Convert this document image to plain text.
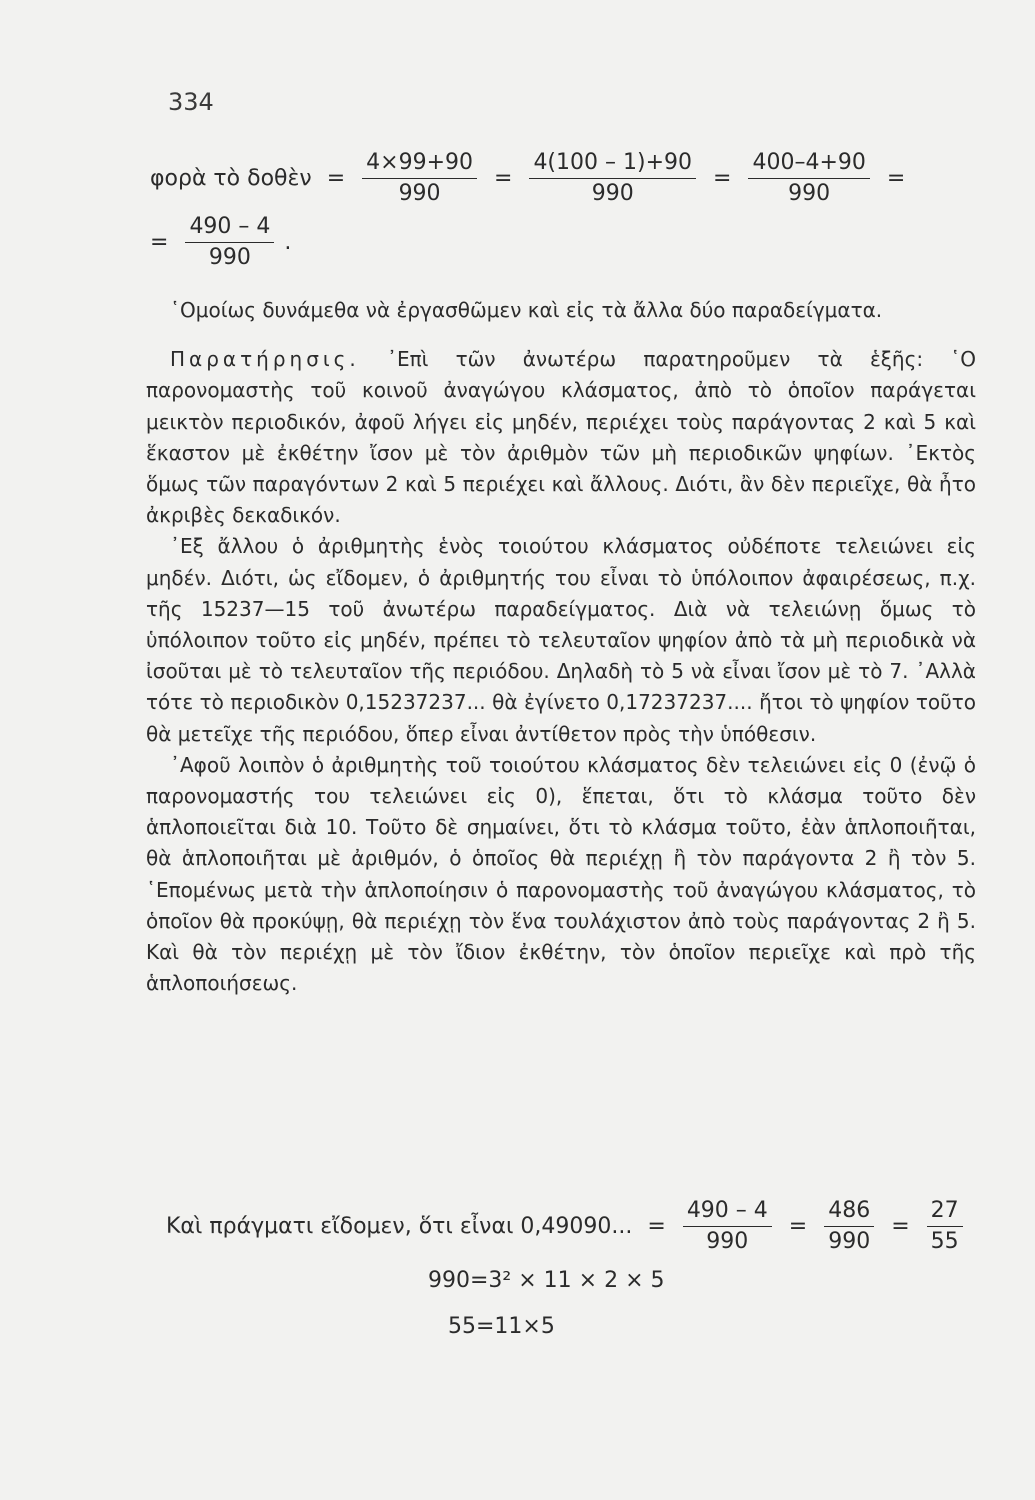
334
φορὰ τὸ δοθὲν = $\frac{4\times 99+90}{990} = \frac{4(100 - 1)+90}{990} = \frac{400-4+90}{990}$ =
= $\frac{490 - 4}{990}$ .

῾Ομοίως δυνάμεθα νὰ ἐργασθῶμεν καὶ εἰς τὰ ἄλλα δύο παραδείγματα.

Παρατήρησις. ᾿Επὶ τῶν ἀνωτέρω παρατηροῦμεν τὰ ἑξῆς: ῾Ο παρονομαστὴς τοῦ κοινοῦ ἀναγώγου κλάσματος, ἀπὸ τὸ ὁποῖον παράγεται μεικτὸν περιοδικόν, ἀφοῦ λήγει εἰς μηδέν, περιέχει τοὺς παράγοντας 2 καὶ 5 καὶ ἕκαστον μὲ ἐκθέτην ἴσον μὲ τὸν ἀριθμὸν τῶν μὴ περιοδικῶν ψηφίων. ᾿Εκτὸς ὅμως τῶν παραγόντων 2 καὶ 5 περιέχει καὶ ἄλλους. Διότι, ἂν δὲν περιεῖχε, θὰ ἦτο ἀκριβὲς δεκαδικόν.

᾿Εξ ἄλλου ὁ ἀριθμητὴς ἑνὸς τοιούτου κλάσματος οὐδέποτε τελειώνει εἰς μηδέν. Διότι, ὡς εἴδομεν, ὁ ἀριθμητής του εἶναι τὸ ὑπόλοιπον ἀφαιρέσεως, π.χ. τῆς 15237—15 τοῦ ἀνωτέρω παραδείγματος. Διὰ νὰ τελειώνῃ ὅμως τὸ ὑπόλοιπον τοῦτο εἰς μηδέν, πρέπει τὸ τελευταῖον ψηφίον ἀπὸ τὰ μὴ περιοδικὰ νὰ ἰσοῦται μὲ τὸ τελευταῖον τῆς περιόδου. Δηλαδὴ τὸ 5 νὰ εἶναι ἴσον μὲ τὸ 7. ᾿Αλλὰ τότε τὸ περιοδικὸν 0,15237237... θὰ ἐγίνετο 0,17237237.... ἤτοι τὸ ψηφίον τοῦτο θὰ μετεῖχε τῆς περιόδου, ὅπερ εἶναι ἀντίθετον πρὸς τὴν ὑπόθεσιν.

᾿Αφοῦ λοιπὸν ὁ ἀριθμητὴς τοῦ τοιούτου κλάσματος δὲν τελειώνει εἰς 0 (ἐνῷ ὁ παρονομαστής του τελειώνει εἰς 0), ἕπεται, ὅτι τὸ κλάσμα τοῦτο δὲν ἁπλοποιεῖται διὰ 10. Τοῦτο δὲ σημαίνει, ὅτι τὸ κλάσμα τοῦτο, ἐὰν ἁπλοποιῆται, θὰ ἁπλοποιῆται μὲ ἀριθμόν, ὁ ὁποῖος θὰ περιέχῃ ἢ τὸν παράγοντα 2 ἢ τὸν 5. ῾Επομένως μετὰ τὴν ἁπλοποίησιν ὁ παρονομαστὴς τοῦ ἀναγώγου κλάσματος, τὸ ὁποῖον θὰ προκύψῃ, θὰ περιέχῃ τὸν ἕνα τουλάχιστον ἀπὸ τοὺς παράγοντας 2 ἢ 5. Καὶ θὰ τὸν περιέχῃ μὲ τὸν ἴδιον ἐκθέτην, τὸν ὁποῖον περιεῖχε καὶ πρὸ τῆς ἁπλοποιήσεως.

Καὶ πράγματι εἴδομεν, ὅτι εἶναι 0,49090... = $\frac{490 - 4}{990} = \frac{486}{990} = \frac{27}{55}$
990=3² × 11 × 2 × 5
55=11×5
